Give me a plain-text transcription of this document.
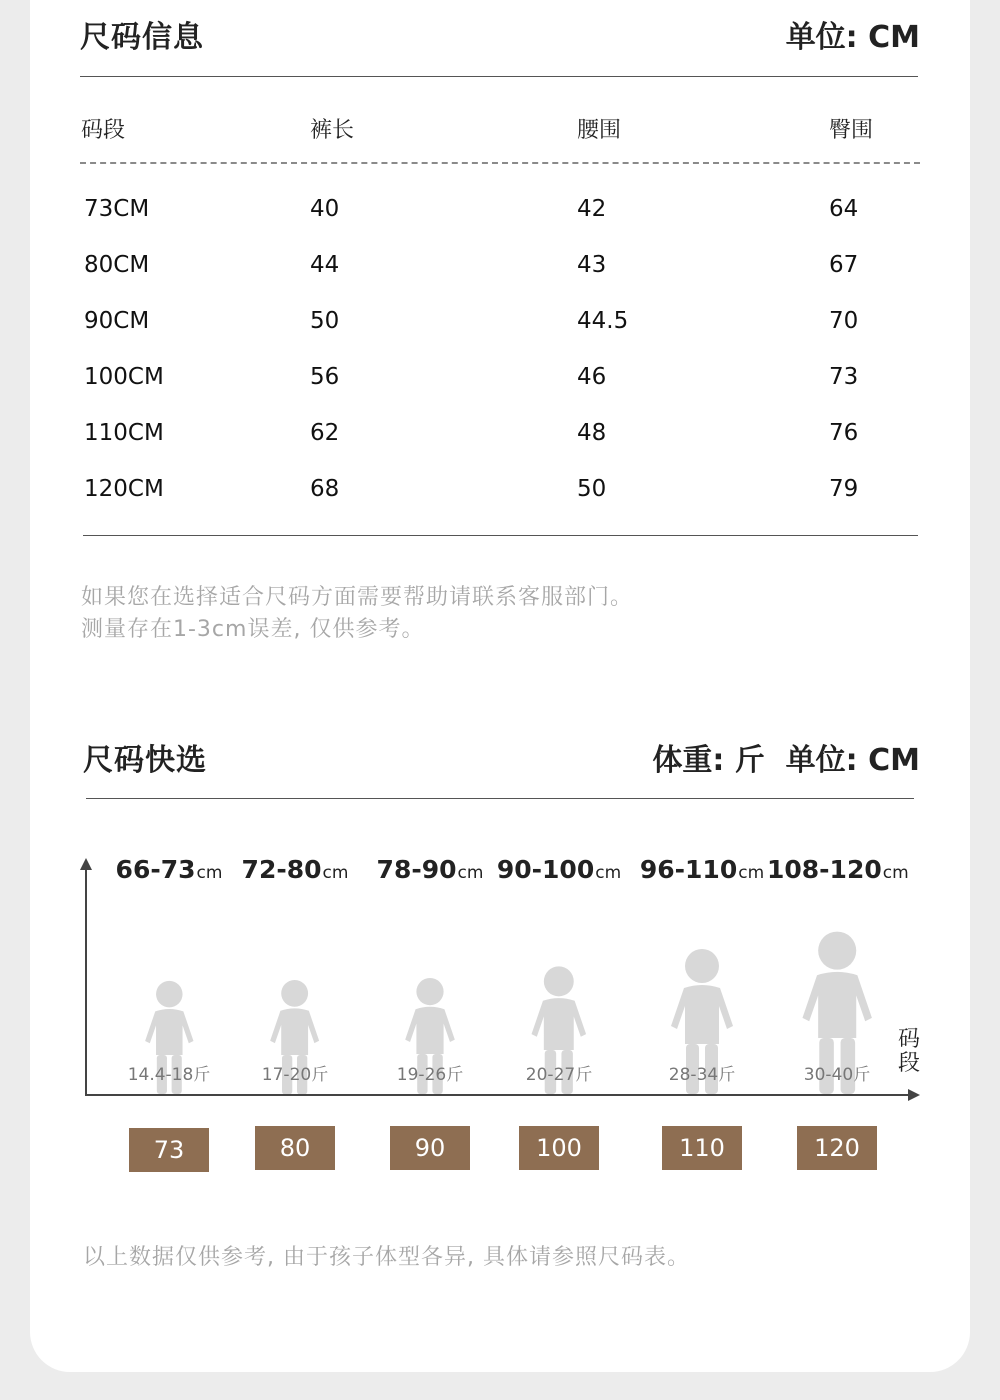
尺码信息	单位: CM
码段	裤长	腰围	臀围
73CM	40	42	64
80CM	44	43	67
90CM	50	44.5	70
100CM	56	46	73
110CM	62	48	76
120CM	68	50	79
如果您在选择适合尺码方面需要帮助请联系客服部门。
测量存在1-3cm误差, 仅供参考。
尺码快选	体重: 斤  单位: CM
码段
66-73cm
14.4-18斤
73
72-80cm
17-20斤
80
78-90cm
19-26斤
90
90-100cm
20-27斤
100
96-110cm
28-34斤
110
108-120cm
30-40斤
120
以上数据仅供参考, 由于孩子体型各异, 具体请参照尺码表。
